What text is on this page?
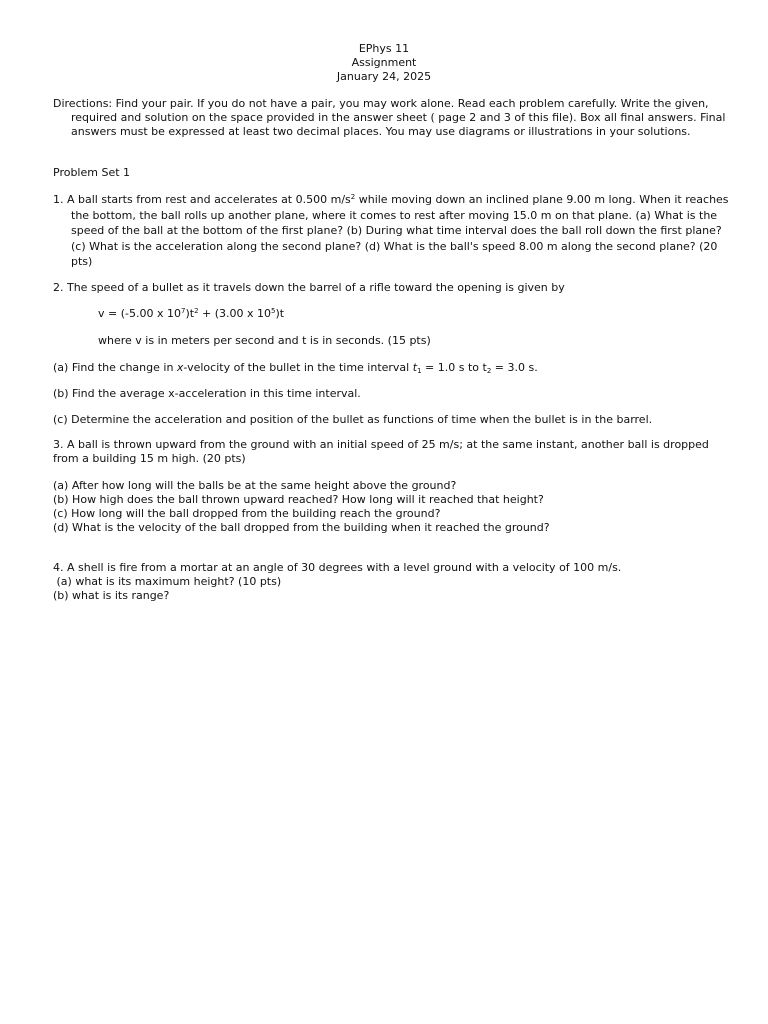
EPhys 11
Assignment
January 24, 2025
Directions: Find your pair. If you do not have a pair, you may work alone. Read each problem carefully. Write the given, required and solution on the space provided in the answer sheet ( page 2 and 3 of this file). Box all final answers. Final answers must be expressed at least two decimal places. You may use diagrams or illustrations in your solutions.
Problem Set 1
1. A ball starts from rest and accelerates at 0.500 $m/s^2$ while moving down an inclined plane 9.00 m long. When it reaches the bottom, the ball rolls up another plane, where it comes to rest after moving 15.0 m on that plane. (a) What is the speed of the ball at the bottom of the first plane? (b) During what time interval does the ball roll down the first plane? (c) What is the acceleration along the second plane? (d) What is the ball's speed 8.00 m along the second plane? (20 pts)
2. The speed of a bullet as it travels down the barrel of a rifle toward the opening is given by
v = (-5.00 x $10^7)t^2 + (3.00$ x $10^5)t$
where v is in meters per second and t is in seconds. (15 pts)
(a) Find the change in x-velocity of the bullet in the time interval $t_1 = 1.0$ s to $t_2 = 3.0$ s.
(b) Find the average x-acceleration in this time interval.
(c) Determine the acceleration and position of the bullet as functions of time when the bullet is in the barrel.
3. A ball is thrown upward from the ground with an initial speed of 25 m/s; at the same instant, another ball is dropped from a building 15 m high. (20 pts)
(a) After how long will the balls be at the same height above the ground?
(b) How high does the ball thrown upward reached? How long will it reached that height?
(c) How long will the ball dropped from the building reach the ground?
(d) What is the velocity of the ball dropped from the building when it reached the ground?
4. A shell is fire from a mortar at an angle of 30 degrees with a level ground with a velocity of 100 m/s.
(a) what is its maximum height? (10 pts)
(b) what is its range?
